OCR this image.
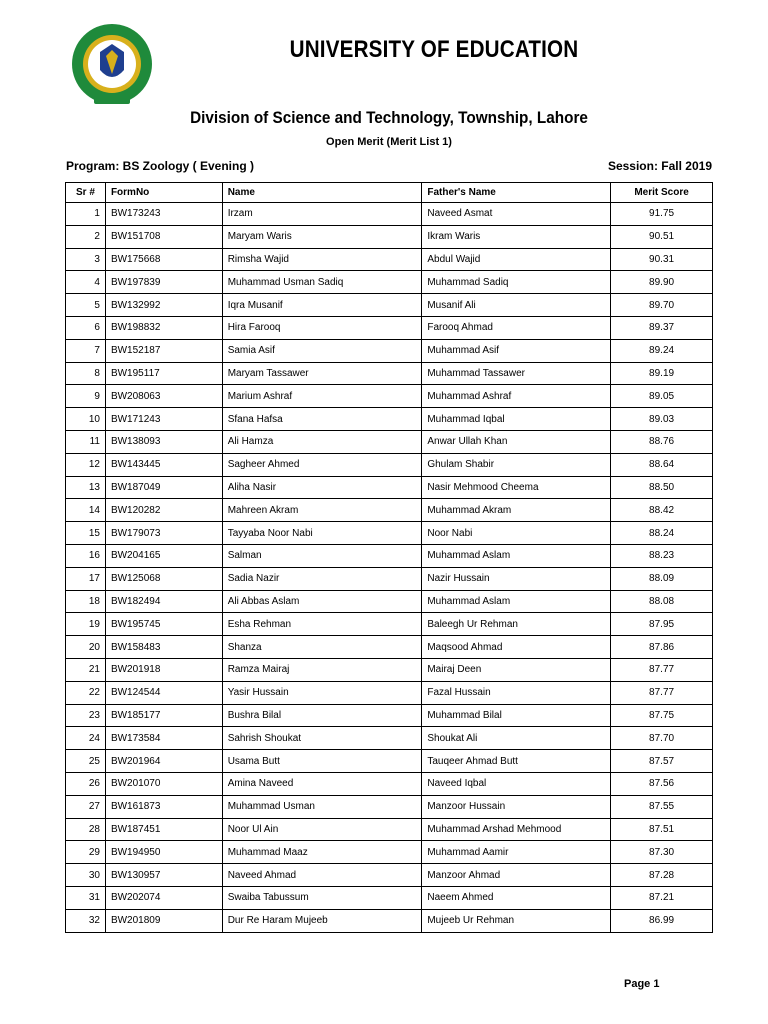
UNIVERSITY OF EDUCATION
Division of Science and Technology, Township, Lahore
Open Merit (Merit List 1)
Program: BS Zoology ( Evening )	Session: Fall 2019
Sr #	FormNo	Name	Father's Name	Merit Score
1	BW173243	Irzam	Naveed Asmat	91.75
2	BW151708	Maryam Waris	Ikram Waris	90.51
3	BW175668	Rimsha Wajid	Abdul Wajid	90.31
4	BW197839	Muhammad Usman Sadiq	Muhammad Sadiq	89.90
5	BW132992	Iqra Musanif	Musanif Ali	89.70
6	BW198832	Hira Farooq	Farooq Ahmad	89.37
7	BW152187	Samia Asif	Muhammad Asif	89.24
8	BW195117	Maryam Tassawer	Muhammad Tassawer	89.19
9	BW208063	Marium Ashraf	Muhammad Ashraf	89.05
10	BW171243	Sfana Hafsa	Muhammad Iqbal	89.03
11	BW138093	Ali Hamza	Anwar Ullah Khan	88.76
12	BW143445	Sagheer Ahmed	Ghulam Shabir	88.64
13	BW187049	Aliha Nasir	Nasir Mehmood Cheema	88.50
14	BW120282	Mahreen Akram	Muhammad Akram	88.42
15	BW179073	Tayyaba Noor Nabi	Noor Nabi	88.24
16	BW204165	Salman	Muhammad Aslam	88.23
17	BW125068	Sadia Nazir	Nazir Hussain	88.09
18	BW182494	Ali Abbas Aslam	Muhammad Aslam	88.08
19	BW195745	Esha Rehman	Baleegh Ur Rehman	87.95
20	BW158483	Shanza	Maqsood Ahmad	87.86
21	BW201918	Ramza Mairaj	Mairaj Deen	87.77
22	BW124544	Yasir Hussain	Fazal Hussain	87.77
23	BW185177	Bushra Bilal	Muhammad Bilal	87.75
24	BW173584	Sahrish Shoukat	Shoukat Ali	87.70
25	BW201964	Usama Butt	Tauqeer Ahmad Butt	87.57
26	BW201070	Amina Naveed	Naveed Iqbal	87.56
27	BW161873	Muhammad Usman	Manzoor Hussain	87.55
28	BW187451	Noor Ul Ain	Muhammad Arshad Mehmood	87.51
29	BW194950	Muhammad Maaz	Muhammad Aamir	87.30
30	BW130957	Naveed Ahmad	Manzoor Ahmad	87.28
31	BW202074	Swaiba Tabussum	Naeem Ahmed	87.21
32	BW201809	Dur Re Haram Mujeeb	Mujeeb Ur Rehman	86.99
Page 1
